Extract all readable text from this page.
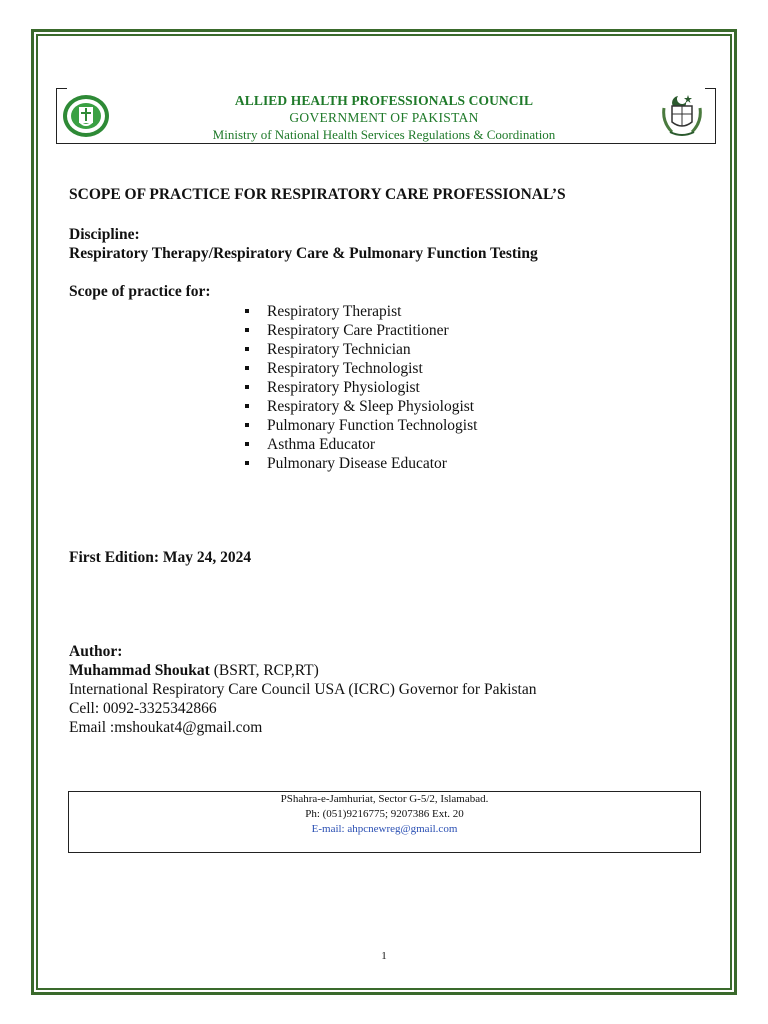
ALLIED HEALTH PROFESSIONALS COUNCIL
GOVERNMENT OF PAKISTAN
Ministry of National Health Services Regulations & Coordination
SCOPE OF PRACTICE FOR RESPIRATORY CARE PROFESSIONAL’S
Discipline:
Respiratory Therapy/Respiratory Care & Pulmonary Function Testing
Scope of practice for:
Respiratory Therapist
Respiratory Care Practitioner
Respiratory Technician
Respiratory Technologist
Respiratory Physiologist
Respiratory & Sleep Physiologist
Pulmonary Function Technologist
Asthma Educator
Pulmonary Disease Educator
First Edition: May 24, 2024
Author:
Muhammad Shoukat (BSRT, RCP,RT)
International Respiratory Care Council USA (ICRC) Governor for Pakistan
Cell: 0092-3325342866
Email :mshoukat4@gmail.com
PShahra-e-Jamhuriat, Sector G-5/2, Islamabad.
Ph: (051)9216775; 9207386 Ext. 20
E-mail: ahpcnewreg@gmail.com
1
